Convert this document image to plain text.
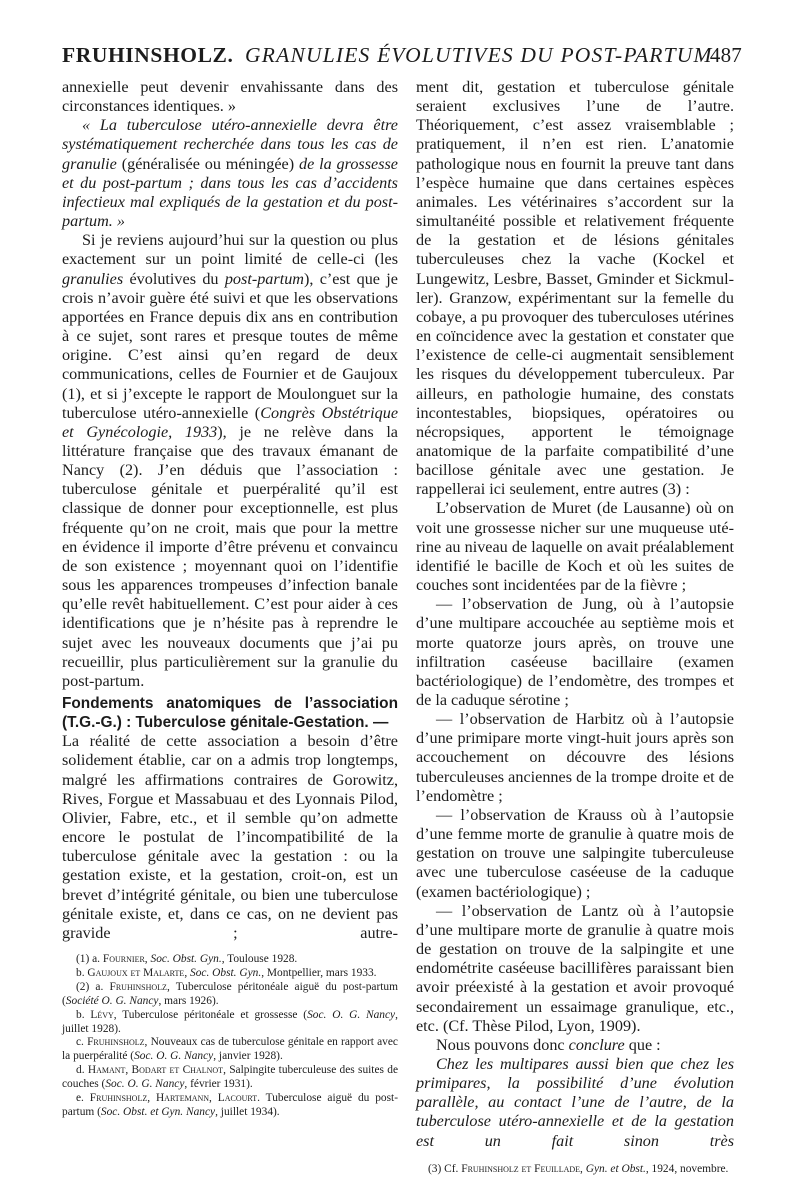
FRUHINSHOLZ. GRANULIES ÉVOLUTIVES DU POST-PARTUM
487

annexielle peut devenir envahissante dans des circonstances identiques. »

« La tuberculose utéro-annexielle devra être systématiquement recherchée dans tous les cas de granulie (généralisée ou méningée) de la grossesse et du post-partum ; dans tous les cas d’accidents infectieux mal expliqués de la gestation et du post-partum. »

Si je reviens aujourd’hui sur la question ou plus exactement sur un point limité de celle-ci (les granulies évolutives du post-partum), c’est que je crois n’avoir guère été suivi et que les observations apportées en France depuis dix ans en contribution à ce sujet, sont rares et presque toutes de même origine. C’est ainsi qu’en regard de deux communications, celles de Fournier et de Gaujoux (1), et si j’excepte le rapport de Moulonguet sur la tuberculose utéro-annexielle (Congrès Obstétrique et Gynécologie, 1933), je ne relève dans la littérature française que des travaux émanant de Nancy (2). J’en déduis que l’association : tuberculose génitale et puerpéralité qu’il est classique de donner pour exceptionnelle, est plus fréquente qu’on ne croit, mais que pour la mettre en évidence il importe d’être prévenu et convaincu de son existence ; moyennant quoi on l’identifie sous les apparences trompeuses d’infection banale qu’elle revêt habituellement. C’est pour aider à ces identifications que je n’hésite pas à reprendre le sujet avec les nouveaux documents que j’ai pu recueillir, plus particulièrement sur la granulie du post-partum.

Fondements anatomiques de l’association
(T.G.-G.) : Tuberculose génitale-Gestation. —

La réalité de cette association a besoin d’être solidement établie, car on a admis trop longtemps, malgré les affirmations contraires de Gorowitz, Rives, Forgue et Massabuau et des Lyonnais Pilod, Olivier, Fabre, etc., et il semble qu’on admette encore le postulat de l’incompatibilité de la tuberculose génitale avec la gestation : ou la gestation existe, et la gestation, croit-on, est un brevet d’intégrité génitale, ou bien une tuberculose génitale existe, et, dans ce cas, on ne devient pas gravide ; autre-

(1) a. Fournier, Soc. Obst. Gyn., Toulouse 1928.

b. Gaujoux et Malarte, Soc. Obst. Gyn., Montpellier, mars 1933.

(2) a. Fruhinsholz, Tuberculose péritonéale aiguë du post-partum (Société O. G. Nancy, mars 1926).

b. Lévy, Tuberculose péritonéale et grossesse (Soc. O. G. Nancy, juillet 1928).

c. Fruhinsholz, Nouveaux cas de tuberculose génitale en rapport avec la puerpéralité (Soc. O. G. Nancy, janvier 1928).

d. Hamant, Bodart et Chalnot, Salpingite tuberculeuse des suites de couches (Soc. O. G. Nancy, février 1931).

e. Fruhinsholz, Hartemann, Lacourt. Tuberculose aiguë du post-partum (Soc. Obst. et Gyn. Nancy, juillet 1934).

ment dit, gestation et tuberculose génitale seraient exclusives l’une de l’autre. Théoriquement, c’est assez vraisemblable ; pratiquement, il n’en est rien. L’anatomie pathologique nous en fournit la preuve tant dans l’espèce humaine que dans certaines espèces animales. Les vétérinaires s’accordent sur la simultanéité possible et relativement fréquente de la gestation et de lésions génitales tuberculeuses chez la vache (Kockel et Lungewitz, Lesbre, Basset, Gminder et Sickmuller). Granzow, expérimentant sur la femelle du cobaye, a pu provoquer des tuberculoses utérines en coïncidence avec la gestation et constater que l’existence de celle-ci augmentait sensiblement les risques du développement tuberculeux. Par ailleurs, en pathologie humaine, des constats incontestables, biopsiques, opératoires ou nécropsiques, apportent le témoignage anatomique de la parfaite compatibilité d’une bacillose génitale avec une gestation. Je rappellerai ici seulement, entre autres (3) :

L’observation de Muret (de Lausanne) où on voit une grossesse nicher sur une muqueuse utérine au niveau de laquelle on avait préalablement identifié le bacille de Koch et où les suites de couches sont incidentées par de la fièvre ;

— l’observation de Jung, où à l’autopsie d’une multipare accouchée au septième mois et morte quatorze jours après, on trouve une infiltration caséeuse bacillaire (examen bactériologique) de l’endomètre, des trompes et de la caduque sérotine ;

— l’observation de Harbitz où à l’autopsie d’une primipare morte vingt-huit jours après son accouchement on découvre des lésions tuberculeuses anciennes de la trompe droite et de l’endomètre ;

— l’observation de Krauss où à l’autopsie d’une femme morte de granulie à quatre mois de gestation on trouve une salpingite tuberculeuse avec une tuberculose caséeuse de la caduque (examen bactériologique) ;

— l’observation de Lantz où à l’autopsie d’une multipare morte de granulie à quatre mois de gestation on trouve de la salpingite et une endométrite caséeuse bacillifères paraissant bien avoir préexisté à la gestation et avoir provoqué secondairement un essaimage granulique, etc., etc. (Cf. Thèse Pilod, Lyon, 1909).

Nous pouvons donc conclure que :

Chez les multipares aussi bien que chez les primipares, la possibilité d’une évolution parallèle, au contact l’une de l’autre, de la tuberculose utéro-annexielle et de la gestation est un fait sinon très

(3) Cf. Fruhinsholz et Feuillade, Gyn. et Obst., 1924, novembre.
